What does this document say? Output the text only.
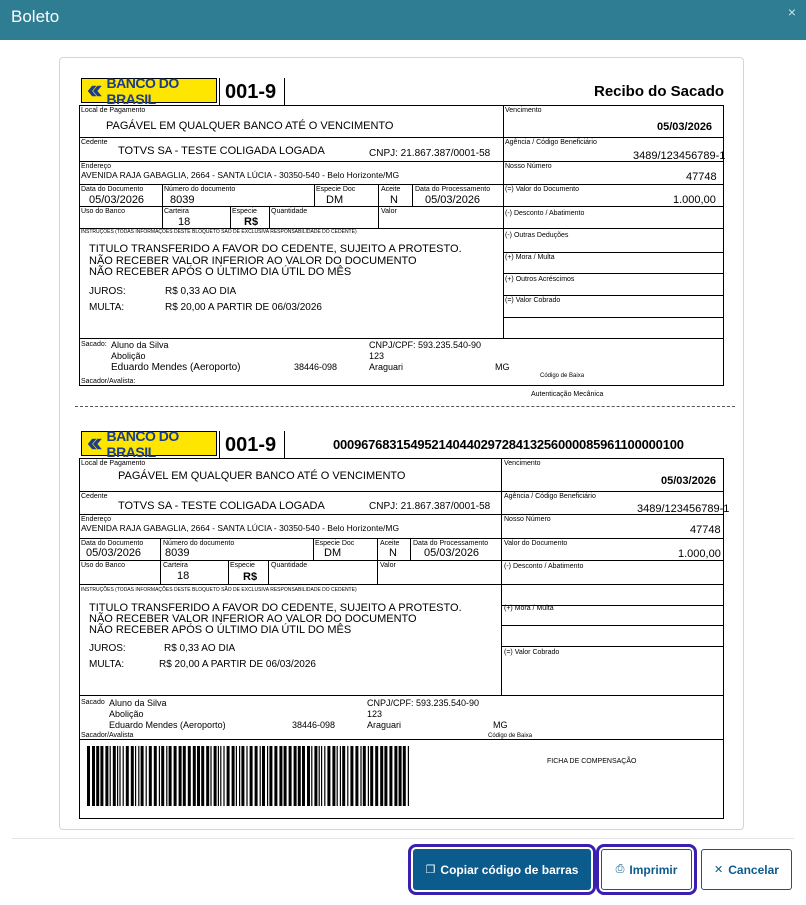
Boleto	×
BANCO DO BRASIL	001-9	Recibo do Sacado
Local de Pagamento
PAGÁVEL EM QUALQUER BANCO ATÉ O VENCIMENTO
Vencimento
05/03/2026
Cedente
TOTVS SA - TESTE COLIGADA LOGADA	CNPJ: 21.867.387/0001-58
Agência / Código Beneficiário
3489/123456789-1
Endereço
AVENIDA RAJA GABAGLIA, 2664 - SANTA LÚCIA - 30350-540 - Belo Horizonte/MG
Nosso Número
47748
Data do Documento
05/03/2026
Número do documento
8039
Especie Doc
DM
Aceite
N
Data do Processamento
05/03/2026
(=) Valor do Documento
1.000,00
Uso do Banco	Carteira
18
Especie
R$
Quantidade	Valor	(-) Desconto / Abatimento
INSTRUÇÕES (TODAS INFORMAÇÕES DESTE BLOQUETO SÃO DE EXCLUSIVA RESPONSABILIDADE DO CEDENTE)
TITULO TRANSFERIDO A FAVOR DO CEDENTE, SUJEITO A PROTESTO.
NÃO RECEBER VALOR INFERIOR AO VALOR DO DOCUMENTO
NÃO RECEBER APÓS O ÚLTIMO DIA ÚTIL DO MÊS
JUROS:	R$ 0,33 AO DIA
MULTA:	R$ 20,00 A PARTIR DE 06/03/2026
(-) Outras Deduções
(+) Mora / Multa
(+) Outros Acréscimos
(=) Valor Cobrado
Sacado: Aluno da Silva
Abolição
Eduardo Mendes (Aeroporto)	38446-098
CNPJ/CPF: 593.235.540-90
123
Araguari	MG
Código de Baixa
Sacador/Avalista:
Autenticação Mecânica
BANCO DO BRASIL	001-9	00096768315495214044029728413256000085961100000100
Local de Pagamento
PAGÁVEL EM QUALQUER BANCO ATÉ O VENCIMENTO
Vencimento
05/03/2026
Cedente
TOTVS SA - TESTE COLIGADA LOGADA	CNPJ: 21.867.387/0001-58
Agência / Código Beneficiário
3489/123456789-1
Endereço
AVENIDA RAJA GABAGLIA, 2664 - SANTA LÚCIA - 30350-540 - Belo Horizonte/MG
Nosso Número
47748
Data do Documento
05/03/2026
Número do documento
8039
Especie Doc
DM
Aceite
N
Data do Processamento
05/03/2026
Valor do Documento
1.000,00
Uso do Banco	Carteira
18
Especie
R$
Quantidade	Valor	(-) Desconto / Abatimento
INSTRUÇÕES (TODAS INFORMAÇÕES DESTE BLOQUETO SÃO DE EXCLUSIVA RESPONSABILIDADE DO CEDENTE)
TITULO TRANSFERIDO A FAVOR DO CEDENTE, SUJEITO A PROTESTO.
NÃO RECEBER VALOR INFERIOR AO VALOR DO DOCUMENTO
NÃO RECEBER APÓS O ÚLTIMO DIA ÚTIL DO MÊS
JUROS:	R$ 0,33 AO DIA
MULTA:	R$ 20,00 A PARTIR DE 06/03/2026
(+) Mora / Multa
(=) Valor Cobrado
Sacado Aluno da Silva
Abolição
Eduardo Mendes (Aeroporto)	38446-098
CNPJ/CPF: 593.235.540-90
123
Araguari	MG
Sacador/Avalista	Código de Baixa
FICHA DE COMPENSAÇÃO
❐ Copiar código de barras	⎙ Imprimir	✕ Cancelar
